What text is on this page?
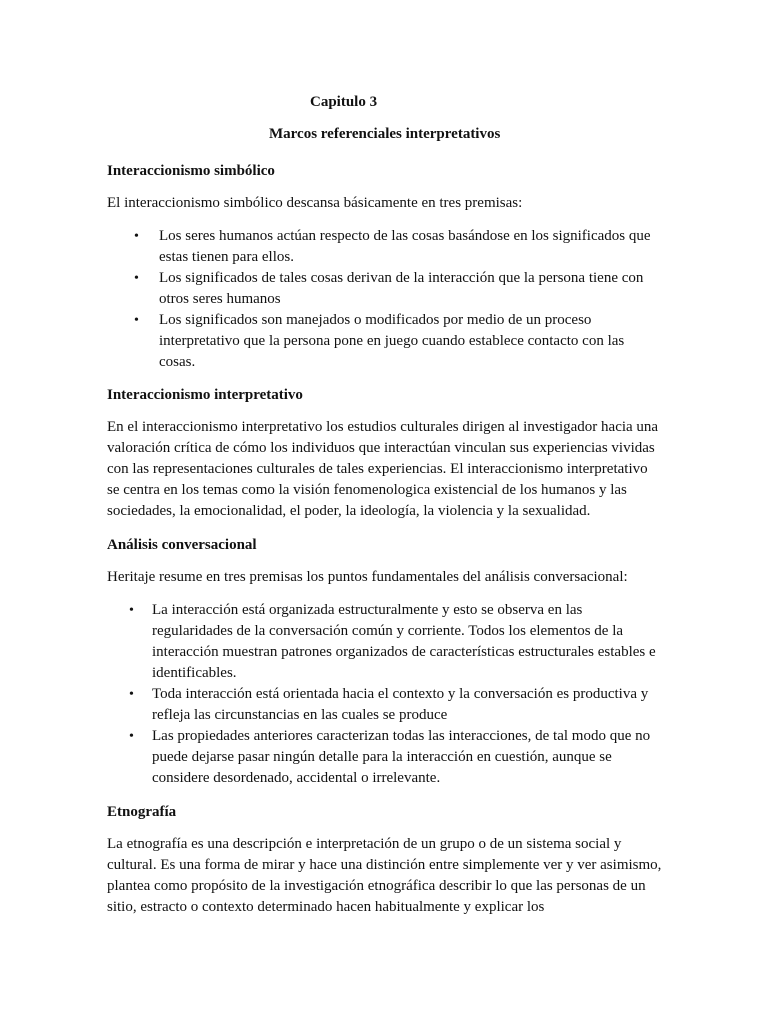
Capitulo 3
Marcos referenciales interpretativos
Interaccionismo simbólico

El interaccionismo simbólico descansa básicamente en tres premisas:

• Los seres humanos actúan respecto de las cosas basándose en los significados que estas tienen para ellos.
• Los significados de tales cosas derivan de la interacción que la persona tiene con otros seres humanos
• Los significados son manejados o modificados por medio de un proceso interpretativo que la persona pone en juego cuando establece contacto con las cosas.
Interaccionismo interpretativo

En el interaccionismo interpretativo los estudios culturales dirigen al investigador hacia una valoración crítica de cómo los individuos que interactúan vinculan sus experiencias vividas con las representaciones culturales de tales experiencias. El interaccionismo interpretativo se centra en los temas como la visión fenomenologica existencial de los humanos y las sociedades, la emocionalidad, el poder, la ideología, la violencia y la sexualidad.

Análisis conversacional

Heritaje resume en tres premisas los puntos fundamentales del análisis conversacional:

• La interacción está organizada estructuralmente y esto se observa en las regularidades de la conversación común y corriente. Todos los elementos de la interacción muestran patrones organizados de características estructurales estables e identificables.
• Toda interacción está orientada hacia el contexto y la conversación es productiva y refleja las circunstancias en las cuales se produce
• Las propiedades anteriores caracterizan todas las interacciones, de tal modo que no puede dejarse pasar ningún detalle para la interacción en cuestión, aunque se considere desordenado, accidental o irrelevante.
Etnografía

La etnografía es una descripción e interpretación de un grupo o de un sistema social y cultural. Es una forma de mirar y hace una distinción entre simplemente ver y ver asimismo, plantea como propósito de la investigación etnográfica describir lo que las personas de un sitio, estracto o contexto determinado hacen habitualmente y explicar los
